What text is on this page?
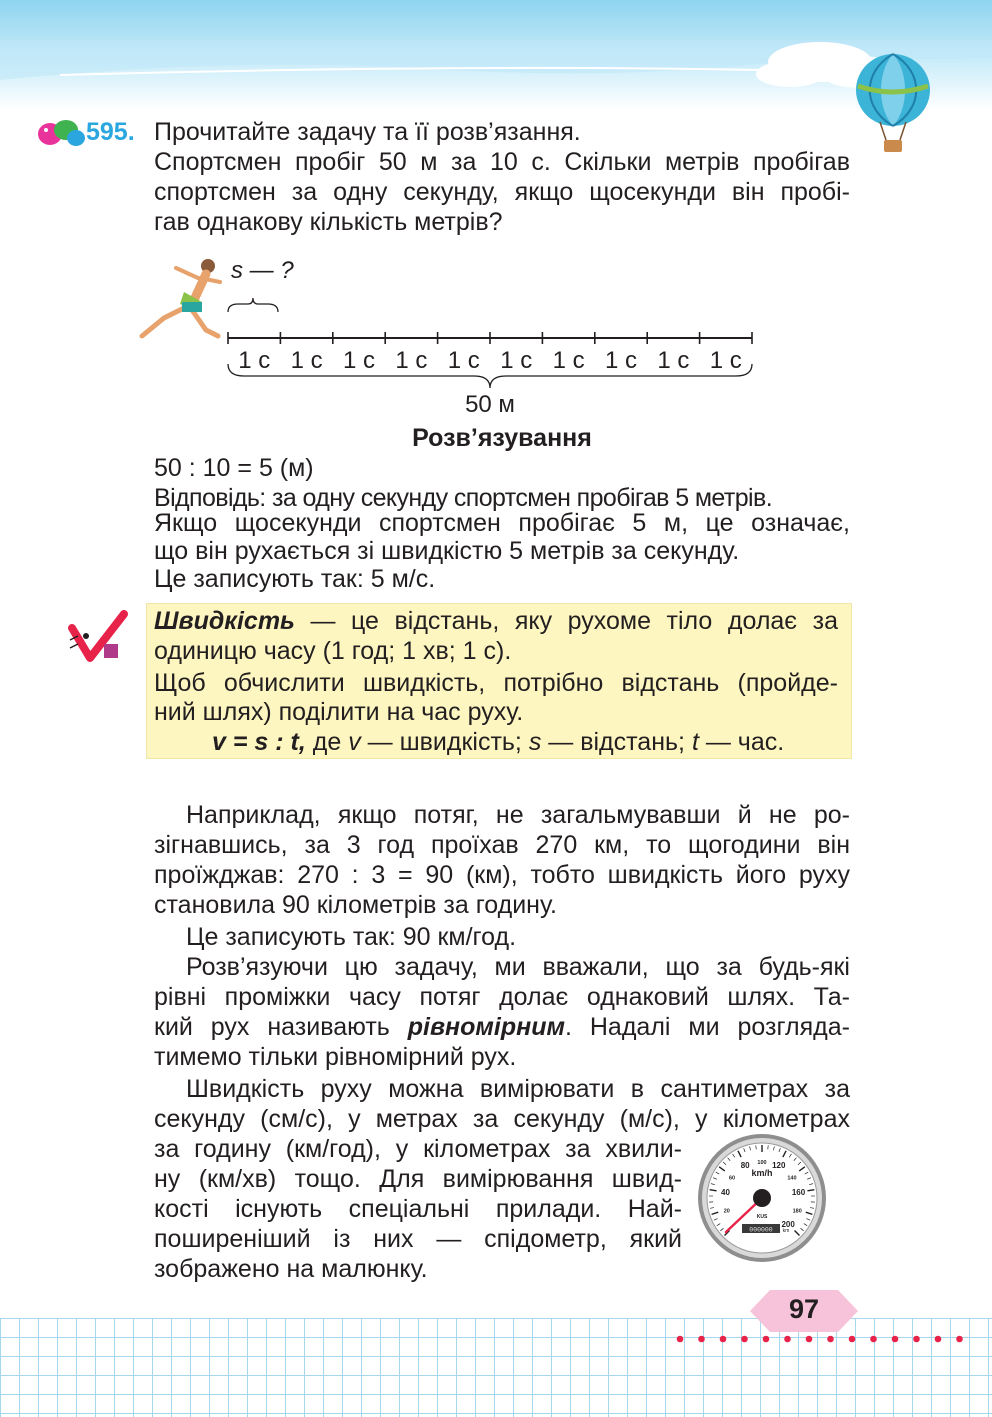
595. Прочитайте задачу та її розв’язання.
Спортсмен пробіг 50 м за 10 с. Скільки метрів пробігав
спортсмен за одну секунду, якщо щосекунди він пробі-
гав однакову кількість метрів?
s — ?
1 с 1 с 1 с 1 с 1 с 1 с 1 с 1 с 1 с 1 с
50 м
Розв’язування
50 : 10 = 5 (м)
Відповідь: за одну секунду спортсмен пробігав 5 метрів.
Якщо щосекунди спортсмен пробігає 5 м, це означає,
що він рухається зі швидкістю 5 метрів за секунду.
Це записують так: 5 м/с.
Швидкість — це відстань, яку рухоме тіло долає за
одиницю часу (1 год; 1 хв; 1 с).
Щоб обчислити швидкість, потрібно відстань (пройде-
ний шлях) поділити на час руху.
v = s : t, де v — швидкість; s — відстань; t — час.
Наприклад, якщо потяг, не загальмувавши й не ро-
зігнавшись, за 3 год проїхав 270 км, то щогодини він
проїжджав: 270 : 3 = 90 (км), тобто швидкість його руху
становила 90 кілометрів за годину.
Це записують так: 90 км/год.
Розв’язуючи цю задачу, ми вважали, що за будь-які
рівні проміжки часу потяг долає однаковий шлях. Та-
кий рух називають рівномірним. Надалі ми розгляда-
тимемо тільки рівномірний рух.
Швидкість руху можна вимірювати в сантиметрах за
секунду (см/с), у метрах за секунду (м/с), у кілометрах
за годину (км/год), у кілометрах за хвили-
ну (км/хв) тощо. Для вимірювання швид-
кості існують спеціальні прилади. Най-
поширеніший із них — спідометр, який
зображено на малюнку.
20
40
60
80 100 120
140
160
180
200
km/h
KUS
000000 km
97
